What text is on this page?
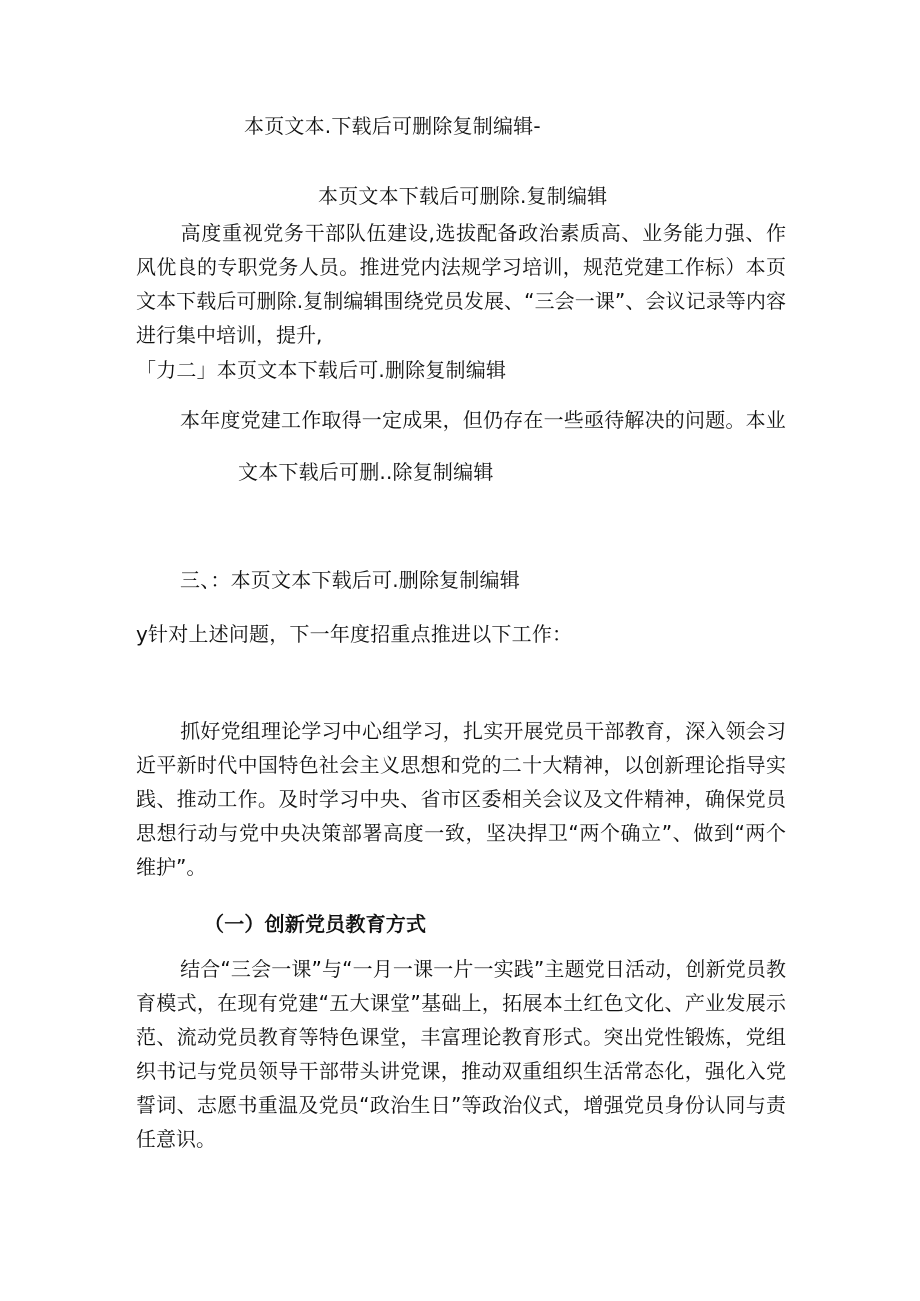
本页文本.下载后可删除复制编辑-
本页文本下载后可删除.复制编辑
高度重视党务干部队伍建设,选拔配备政治素质高、业务能力强、作风优良的专职党务人员。推进党内法规学习培训，规范党建工作标）本页文本下载后可删除.复制编辑围绕党员发展、“三会一课”、会议记录等内容进行集中培训，提升,
「力二」本页文本下载后可.删除复制编辑
本年度党建工作取得一定成果，但仍存在一些亟待解决的问题。本业
文本下载后可删..除复制编辑
三、：本页文本下载后可.删除复制编辑
y针对上述问题，下一年度招重点推进以下工作：
抓好党组理论学习中心组学习，扎实开展党员干部教育，深入领会习近平新时代中国特色社会主义思想和党的二十大精神，以创新理论指导实践、推动工作。及时学习中央、省市区委相关会议及文件精神，确保党员思想行动与党中央决策部署高度一致，坚决捍卫“两个确立”、做到“两个维护”。
（一）创新党员教育方式
结合“三会一课”与“一月一课一片一实践”主题党日活动，创新党员教育模式，在现有党建“五大课堂”基础上，拓展本土红色文化、产业发展示范、流动党员教育等特色课堂，丰富理论教育形式。突出党性锻炼，党组织书记与党员领导干部带头讲党课，推动双重组织生活常态化，强化入党誓词、志愿书重温及党员“政治生日”等政治仪式，增强党员身份认同与责任意识。
